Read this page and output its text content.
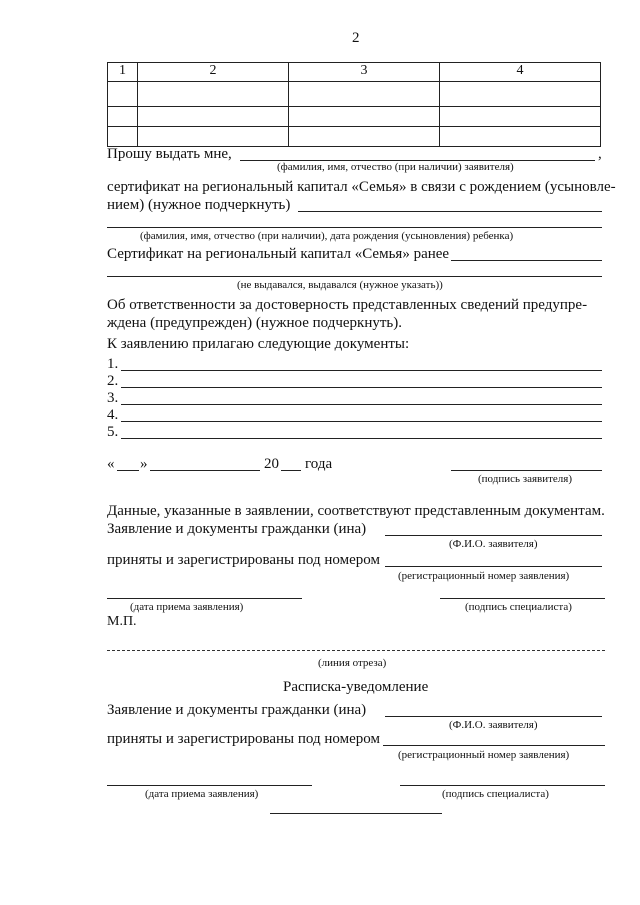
2
1	2	3	4

Прошу выдать мне,	,
(фамилия, имя, отчество (при наличии) заявителя)
сертификат на региональный капитал «Семья» в связи с рождением (усыновле-
нием) (нужное подчеркнуть)
(фамилия, имя, отчество (при наличии), дата рождения (усыновления) ребенка)
Сертификат на региональный капитал «Семья» ранее
(не выдавался, выдавался (нужное указать))
Об ответственности за достоверность представленных сведений предупре-
ждена (предупрежден) (нужное подчеркнуть).
К заявлению прилагаю следующие документы:
1.
2.
3.
4.
5.
« »	20 года
(подпись заявителя)
Данные, указанные в заявлении, соответствуют представленным документам.
Заявление и документы гражданки (ина)
(Ф.И.О. заявителя)
приняты и зарегистрированы под номером
(регистрационный номер заявления)
(дата приема заявления)	(подпись специалиста)
М.П.
(линия отреза)
Расписка-уведомление
Заявление и документы гражданки (ина)
(Ф.И.О. заявителя)
приняты и зарегистрированы под номером
(регистрационный номер заявления)
(дата приема заявления)	(подпись специалиста)
